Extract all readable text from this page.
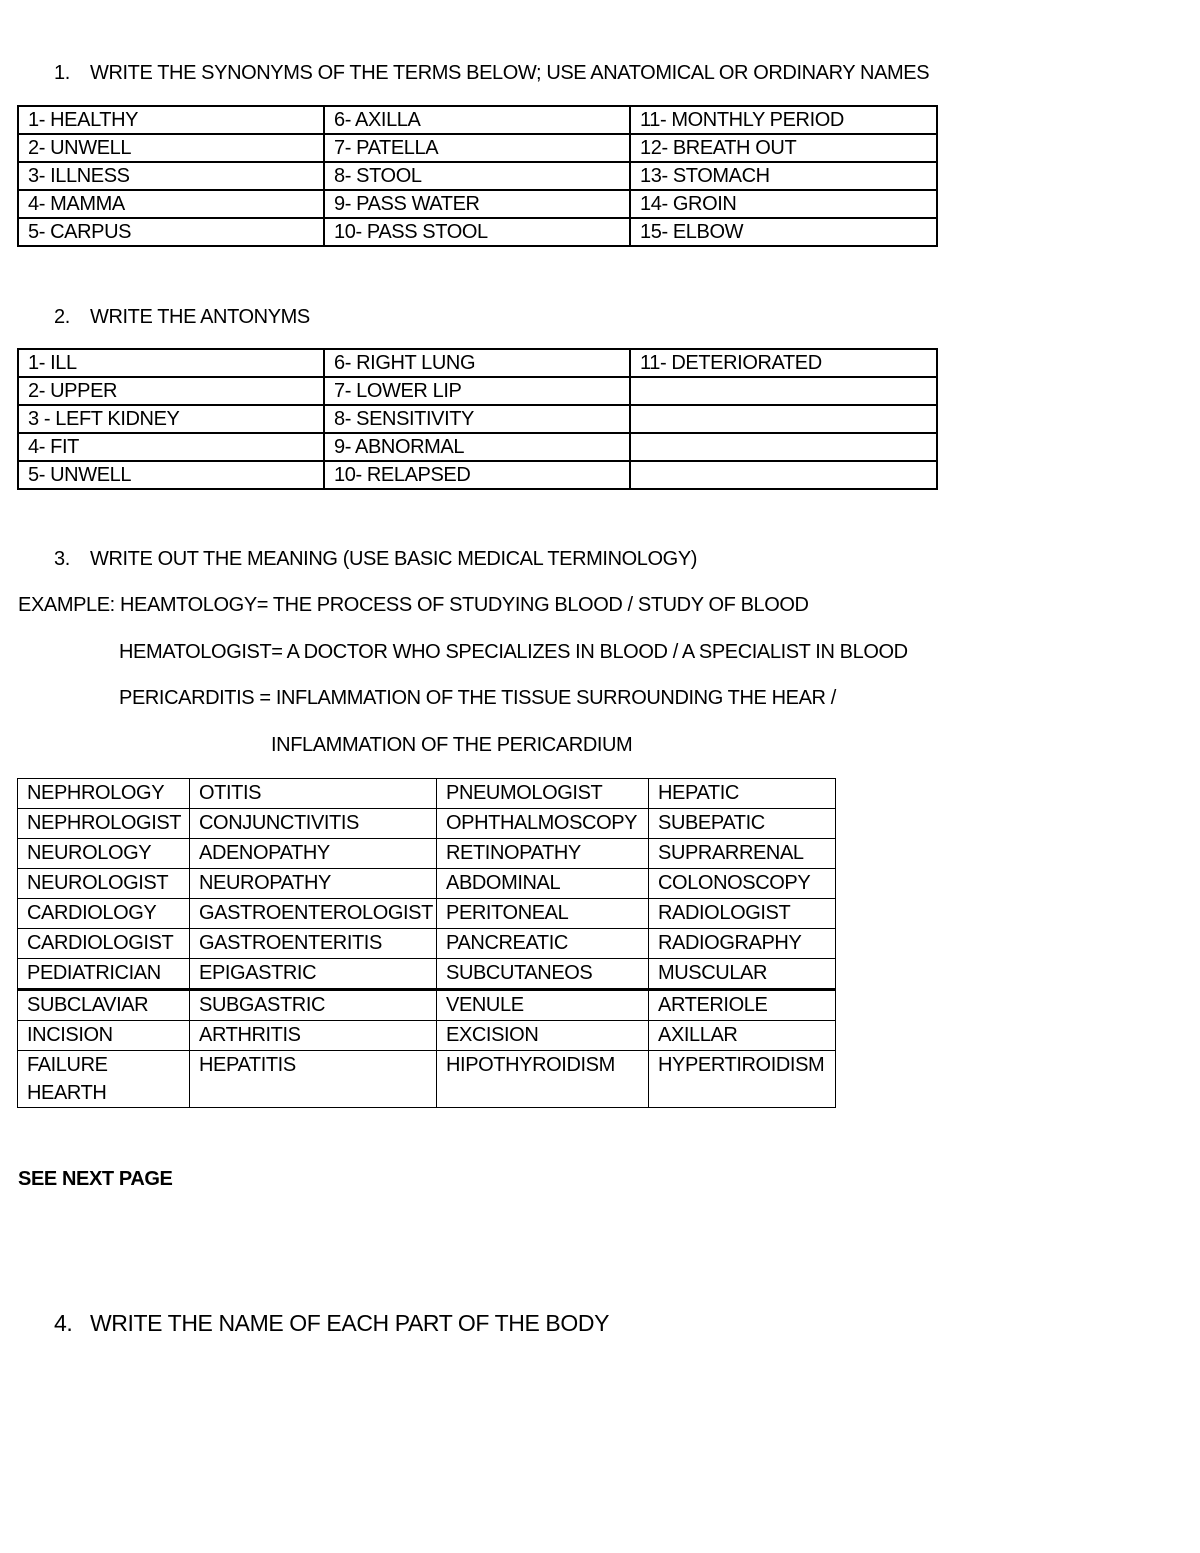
1. WRITE THE SYNONYMS OF THE TERMS BELOW; USE ANATOMICAL OR ORDINARY NAMES
1- HEALTHY	6- AXILLA	11- MONTHLY PERIOD
2- UNWELL	7- PATELLA	12- BREATH OUT
3- ILLNESS	8- STOOL	13- STOMACH
4- MAMMA	9- PASS WATER	14- GROIN
5- CARPUS	10- PASS STOOL	15- ELBOW
2. WRITE THE ANTONYMS
1- ILL	6- RIGHT LUNG	11- DETERIORATED
2- UPPER	7- LOWER LIP	
3 - LEFT KIDNEY	8- SENSITIVITY	
4- FIT	9- ABNORMAL	
5- UNWELL	10- RELAPSED	
3. WRITE OUT THE MEANING (USE BASIC MEDICAL TERMINOLOGY)
EXAMPLE: HEAMTOLOGY= THE PROCESS OF STUDYING BLOOD / STUDY OF BLOOD
HEMATOLOGIST= A DOCTOR WHO SPECIALIZES IN BLOOD / A SPECIALIST IN BLOOD
PERICARDITIS = INFLAMMATION OF THE TISSUE SURROUNDING THE HEAR /
INFLAMMATION OF THE PERICARDIUM
NEPHROLOGY	OTITIS	PNEUMOLOGIST	HEPATIC
NEPHROLOGIST	CONJUNCTIVITIS	OPHTHALMOSCOPY	SUBEPATIC
NEUROLOGY	ADENOPATHY	RETINOPATHY	SUPRARRENAL
NEUROLOGIST	NEUROPATHY	ABDOMINAL	COLONOSCOPY
CARDIOLOGY	GASTROENTEROLOGIST	PERITONEAL	RADIOLOGIST
CARDIOLOGIST	GASTROENTERITIS	PANCREATIC	RADIOGRAPHY
PEDIATRICIAN	EPIGASTRIC	SUBCUTANEOS	MUSCULAR
SUBCLAVIAR	SUBGASTRIC	VENULE	ARTERIOLE
INCISION	ARTHRITIS	EXCISION	AXILLAR
FAILURE HEARTH	HEPATITIS	HIPOTHYROIDISM	HYPERTIROIDISM
SEE NEXT PAGE
4. WRITE THE NAME OF EACH PART OF THE BODY
